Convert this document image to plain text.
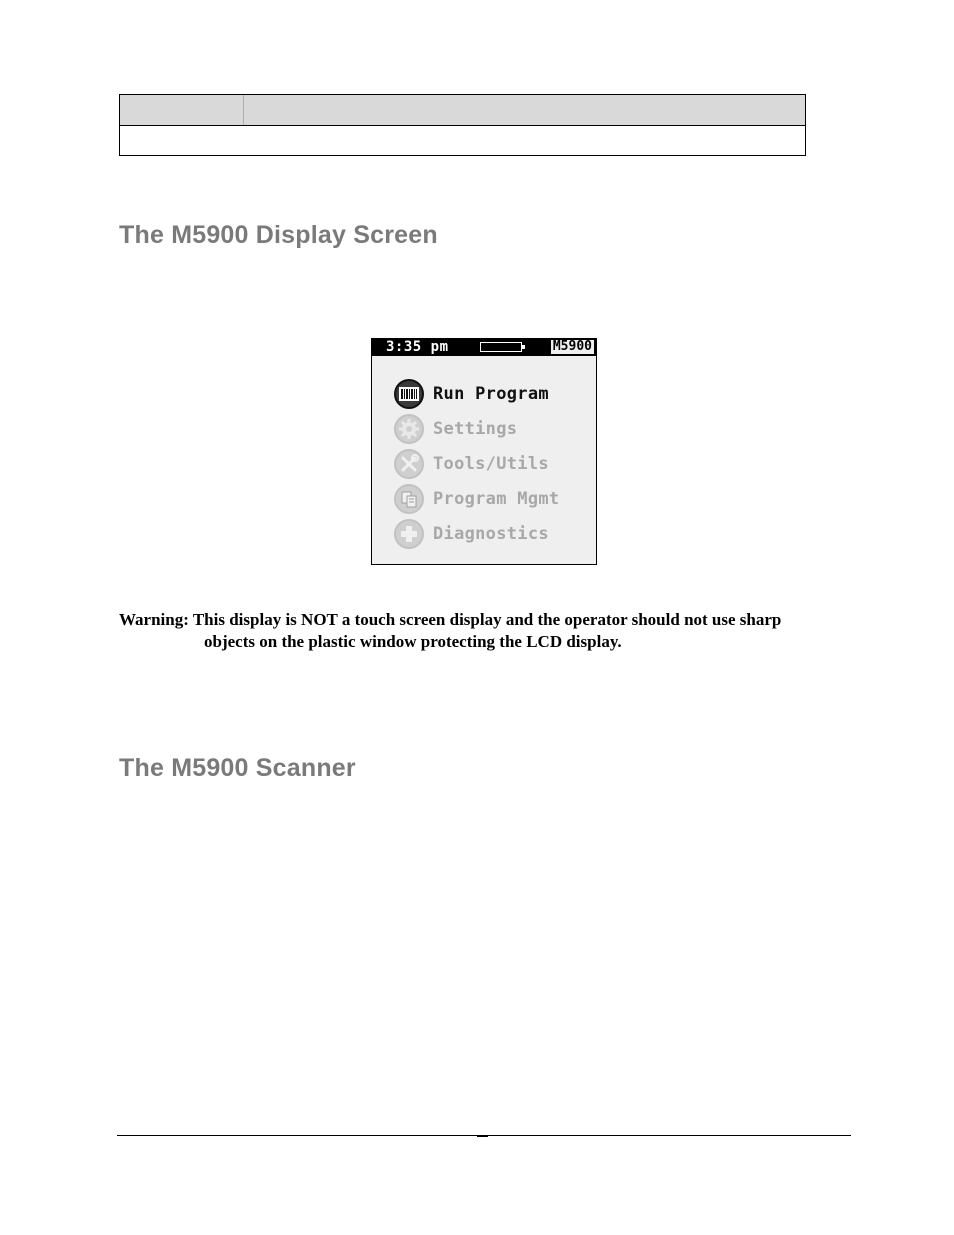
The M5900 Display Screen
3:35 pm	M5900
Run Program
Settings
Tools/Utils
Program Mgmt
Diagnostics
Warning: This display is NOT a touch screen display and the operator should not use sharp
objects on the plastic window protecting the LCD display.
The M5900 Scanner
